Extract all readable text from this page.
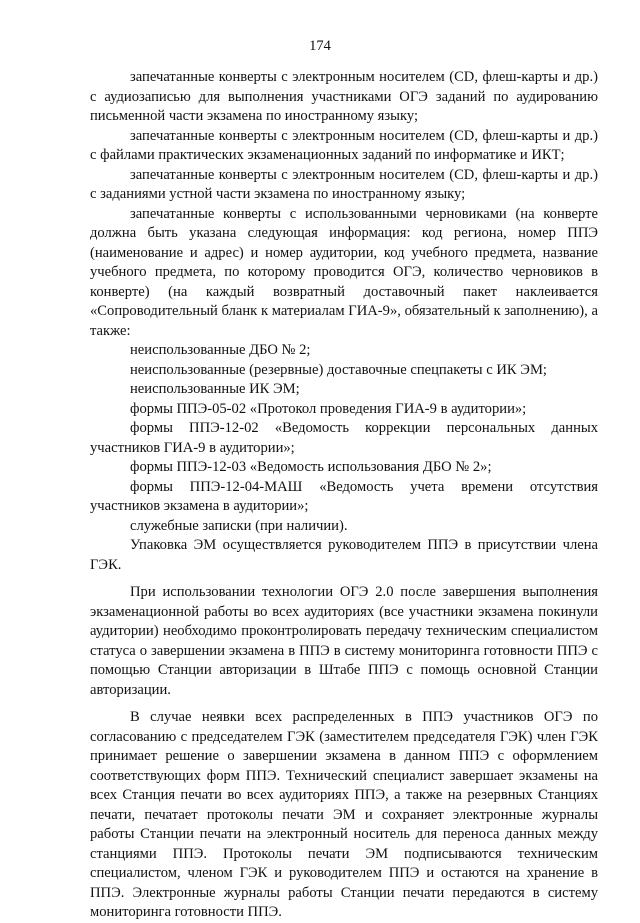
174

запечатанные конверты с электронным носителем (CD, флеш-карты и др.) с аудиозаписью для выполнения участниками ОГЭ заданий по аудированию письменной части экзамена по иностранному языку;

запечатанные конверты с электронным носителем (CD, флеш-карты и др.) с файлами практических экзаменационных заданий по информатике и ИКТ;

запечатанные конверты с электронным носителем (CD, флеш-карты и др.) с заданиями устной части экзамена по иностранному языку;

запечатанные конверты с использованными черновиками (на конверте должна быть указана следующая информация: код региона, номер ППЭ (наименование и адрес) и номер аудитории, код учебного предмета, название учебного предмета, по которому проводится ОГЭ, количество черновиков в конверте) (на каждый возвратный доставочный пакет наклеивается «Сопроводительный бланк к материалам ГИА-9», обязательный к заполнению), а также:

неиспользованные ДБО № 2;

неиспользованные (резервные) доставочные спецпакеты с ИК ЭМ;

неиспользованные ИК ЭМ;

формы ППЭ-05-02 «Протокол проведения ГИА-9 в аудитории»;

формы ППЭ-12-02 «Ведомость коррекции персональных данных участников ГИА-9 в аудитории»;

формы ППЭ-12-03 «Ведомость использования ДБО № 2»;

формы ППЭ-12-04-МАШ «Ведомость учета времени отсутствия участников экзамена в аудитории»;

служебные записки (при наличии).

Упаковка ЭМ осуществляется руководителем ППЭ в присутствии члена ГЭК.

При использовании технологии ОГЭ 2.0 после завершения выполнения экзаменационной работы во всех аудиториях (все участники экзамена покинули аудитории) необходимо проконтролировать передачу техническим специалистом статуса о завершении экзамена в ППЭ в систему мониторинга готовности ППЭ с помощью Станции авторизации в Штабе ППЭ с помощь основной Станции авторизации.

В случае неявки всех распределенных в ППЭ участников ОГЭ по согласованию с председателем ГЭК (заместителем председателя ГЭК) член ГЭК принимает решение о завершении экзамена в данном ППЭ с оформлением соответствующих форм ППЭ. Технический специалист завершает экзамены на всех Станция печати во всех аудиториях ППЭ, а также на резервных Станциях печати, печатает протоколы печати ЭМ и сохраняет электронные журналы работы Станции печати на электронный носитель для переноса данных между станциями ППЭ. Протоколы печати ЭМ подписываются техническим специалистом, членом ГЭК и руководителем ППЭ и остаются на хранение в ППЭ. Электронные журналы работы Станции печати передаются в систему мониторинга готовности ППЭ.
